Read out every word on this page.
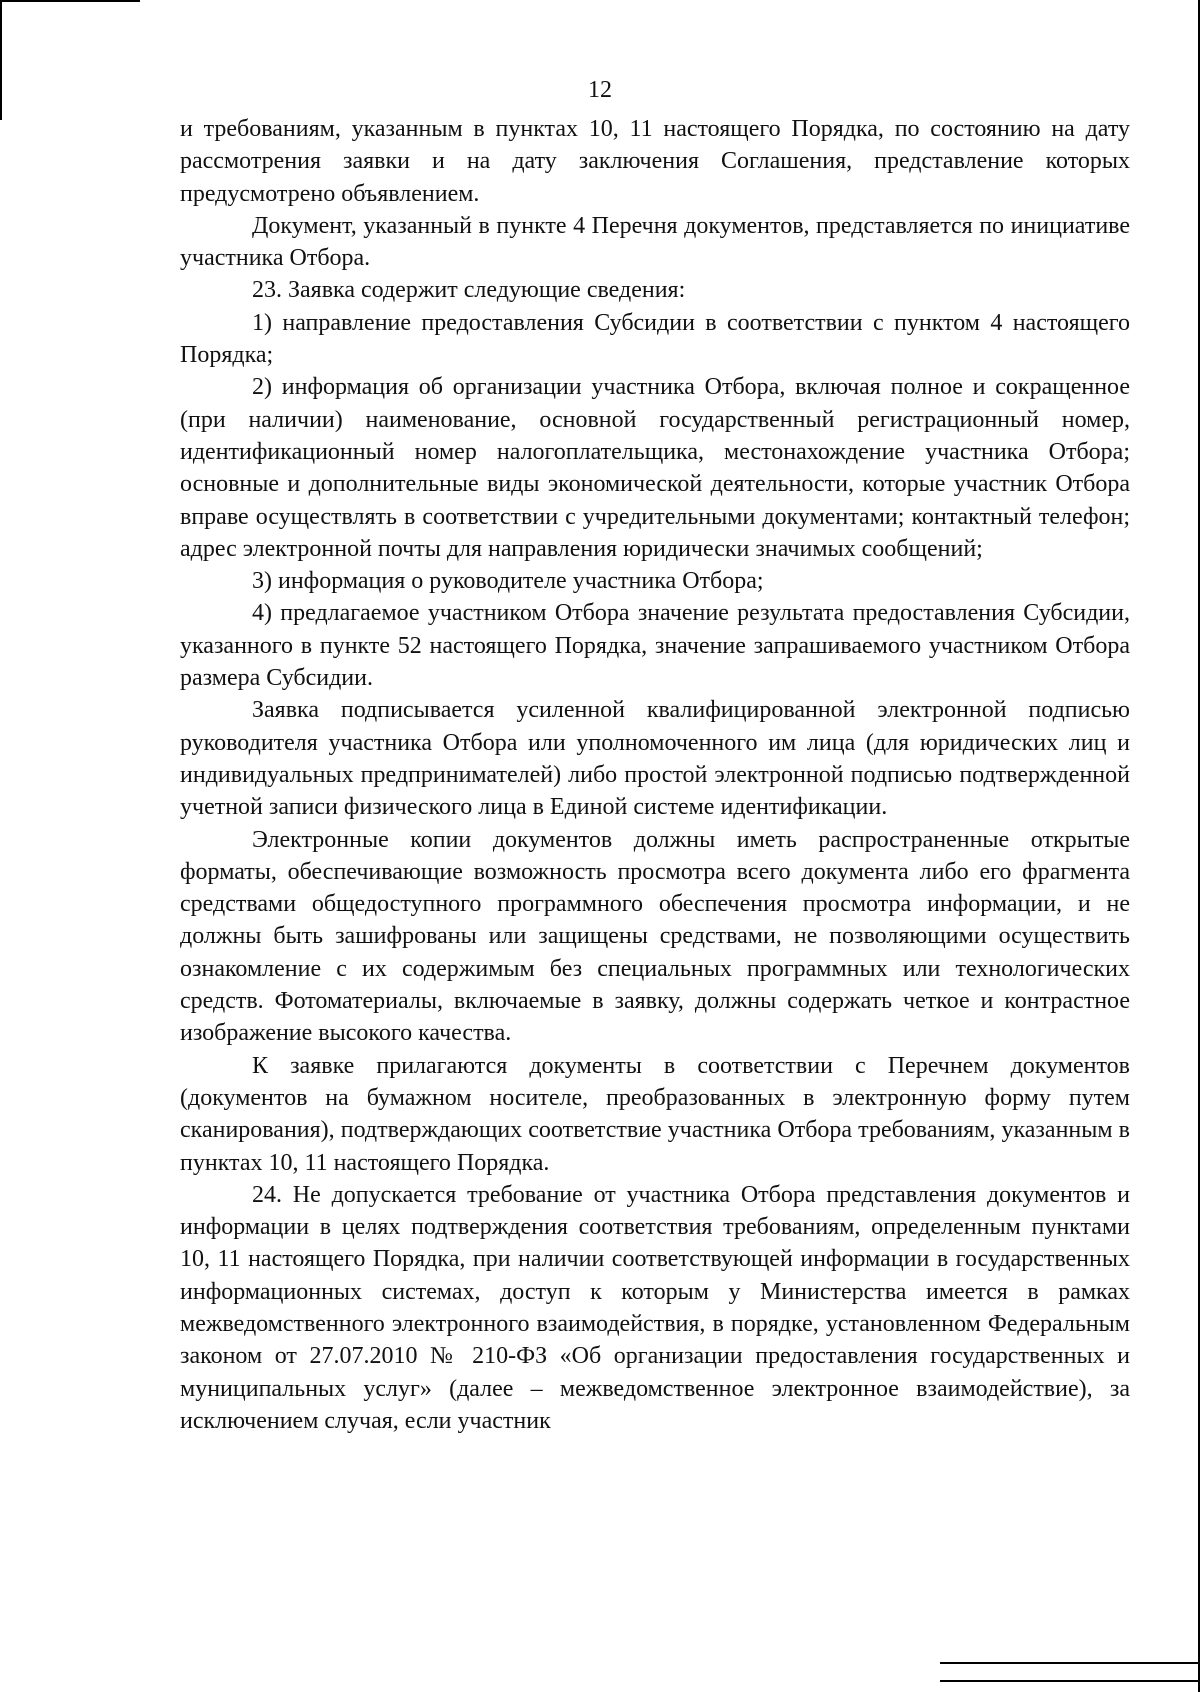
12

и требованиям, указанным в пунктах 10, 11 настоящего Порядка, по состоянию на дату рассмотрения заявки и на дату заключения Соглашения, представление которых предусмотрено объявлением.

Документ, указанный в пункте 4 Перечня документов, представляется по инициативе участника Отбора.

23. Заявка содержит следующие сведения:

1) направление предоставления Субсидии в соответствии с пунктом 4 настоящего Порядка;

2) информация об организации участника Отбора, включая полное и сокращенное (при наличии) наименование, основной государственный регистрационный номер, идентификационный номер налогоплательщика, местонахождение участника Отбора; основные и дополнительные виды экономической деятельности, которые участник Отбора вправе осуществлять в соответствии с учредительными документами; контактный телефон; адрес электронной почты для направления юридически значимых сообщений;

3) информация о руководителе участника Отбора;

4) предлагаемое участником Отбора значение результата предоставления Субсидии, указанного в пункте 52 настоящего Порядка, значение запрашиваемого участником Отбора размера Субсидии.

Заявка подписывается усиленной квалифицированной электронной подписью руководителя участника Отбора или уполномоченного им лица (для юридических лиц и индивидуальных предпринимателей) либо простой электронной подписью подтвержденной учетной записи физического лица в Единой системе идентификации.

Электронные копии документов должны иметь распространенные открытые форматы, обеспечивающие возможность просмотра всего документа либо его фрагмента средствами общедоступного программного обеспечения просмотра информации, и не должны быть зашифрованы или защищены средствами, не позволяющими осуществить ознакомление с их содержимым без специальных программных или технологических средств. Фотоматериалы, включаемые в заявку, должны содержать четкое и контрастное изображение высокого качества.

К заявке прилагаются документы в соответствии с Перечнем документов (документов на бумажном носителе, преобразованных в электронную форму путем сканирования), подтверждающих соответствие участника Отбора требованиям, указанным в пунктах 10, 11 настоящего Порядка.

24. Не допускается требование от участника Отбора представления документов и информации в целях подтверждения соответствия требованиям, определенным пунктами 10, 11 настоящего Порядка, при наличии соответствующей информации в государственных информационных системах, доступ к которым у Министерства имеется в рамках межведомственного электронного взаимодействия, в порядке, установленном Федеральным законом от 27.07.2010 № 210-ФЗ «Об организации предоставления государственных и муниципальных услуг» (далее – межведомственное электронное взаимодействие), за исключением случая, если участник
